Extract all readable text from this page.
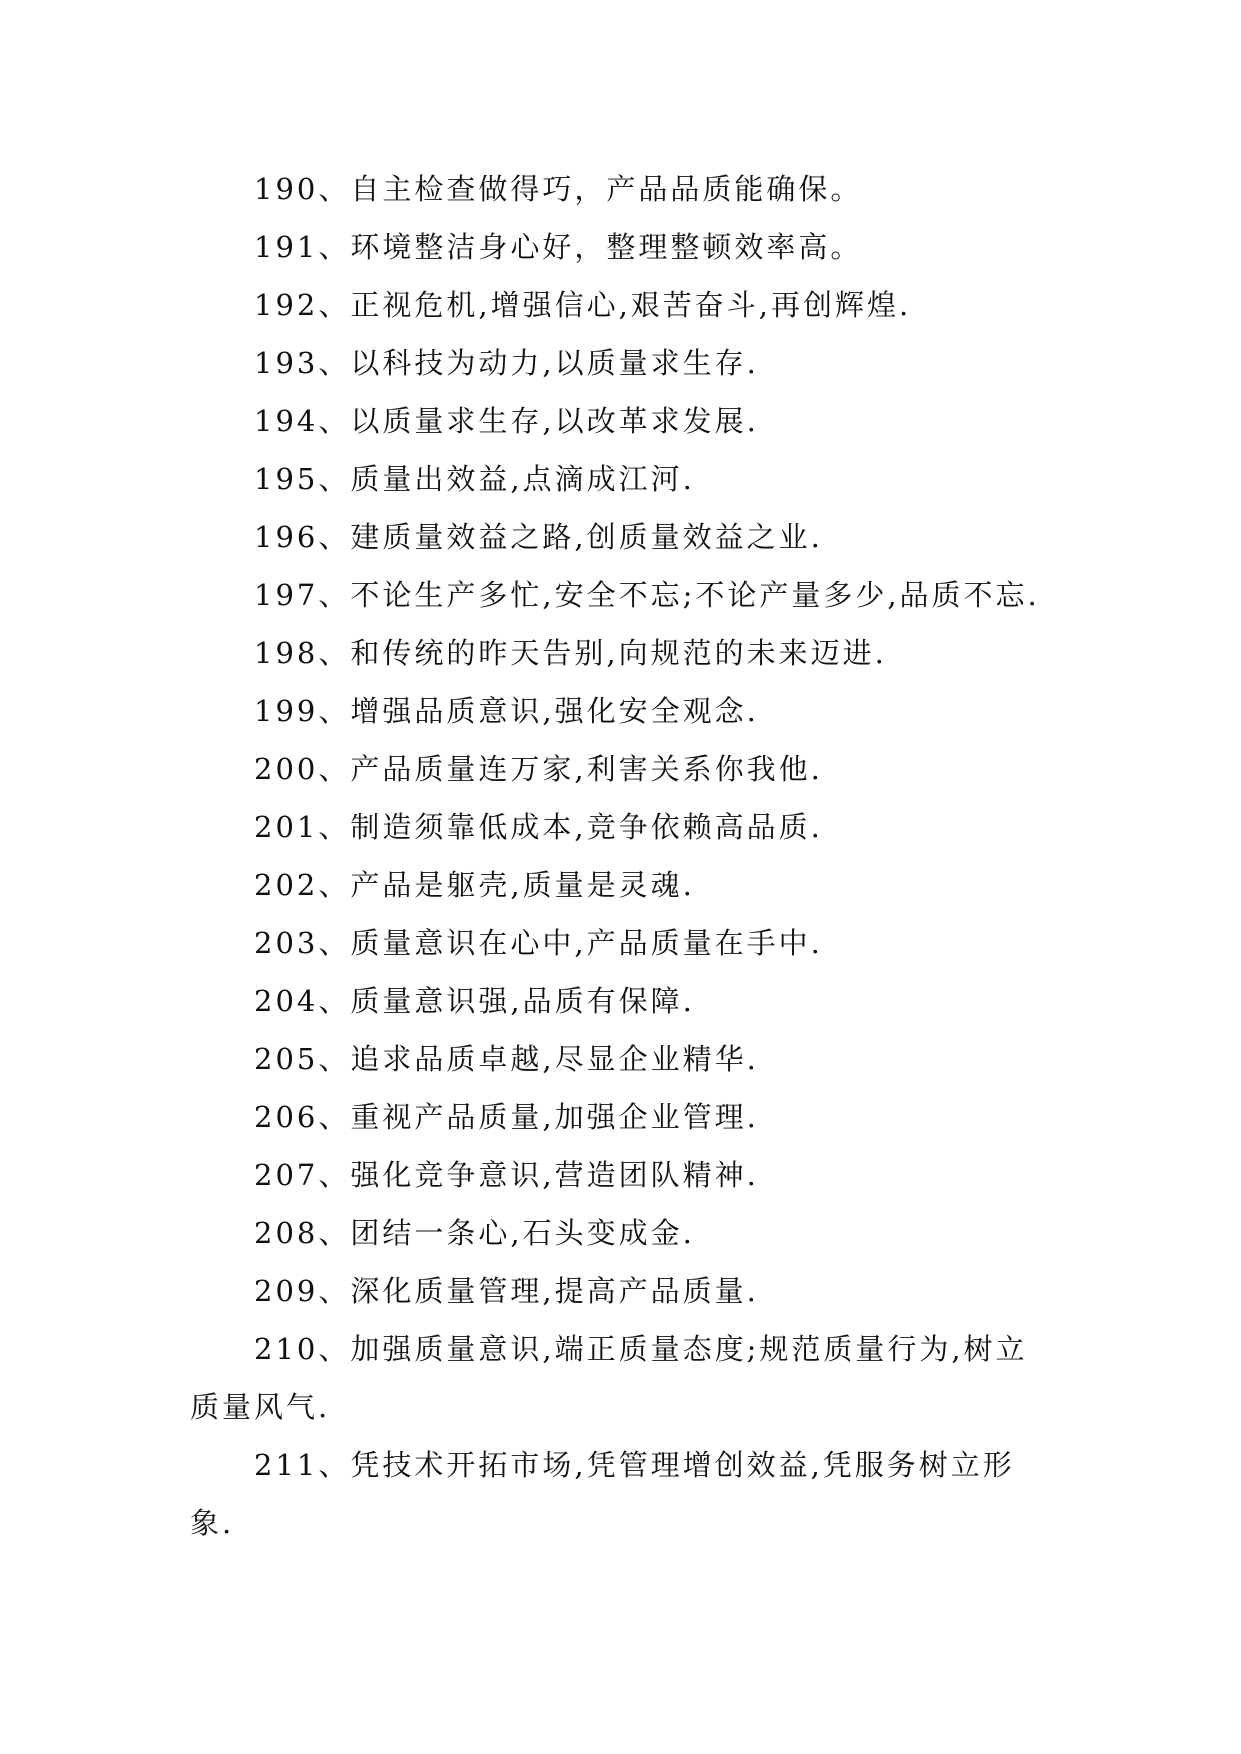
190、自主检查做得巧，产品品质能确保。
191、环境整洁身心好，整理整顿效率高。
192、正视危机,增强信心,艰苦奋斗,再创辉煌.
193、以科技为动力,以质量求生存.
194、以质量求生存,以改革求发展.
195、质量出效益,点滴成江河.
196、建质量效益之路,创质量效益之业.
197、不论生产多忙,安全不忘;不论产量多少,品质不忘.
198、和传统的昨天告别,向规范的未来迈进.
199、增强品质意识,强化安全观念.
200、产品质量连万家,利害关系你我他.
201、制造须靠低成本,竞争依赖高品质.
202、产品是躯壳,质量是灵魂.
203、质量意识在心中,产品质量在手中.
204、质量意识强,品质有保障.
205、追求品质卓越,尽显企业精华.
206、重视产品质量,加强企业管理.
207、强化竞争意识,营造团队精神.
208、团结一条心,石头变成金.
209、深化质量管理,提高产品质量.

210、加强质量意识,端正质量态度;规范质量行为,树立质量风气.

211、凭技术开拓市场,凭管理增创效益,凭服务树立形象.
